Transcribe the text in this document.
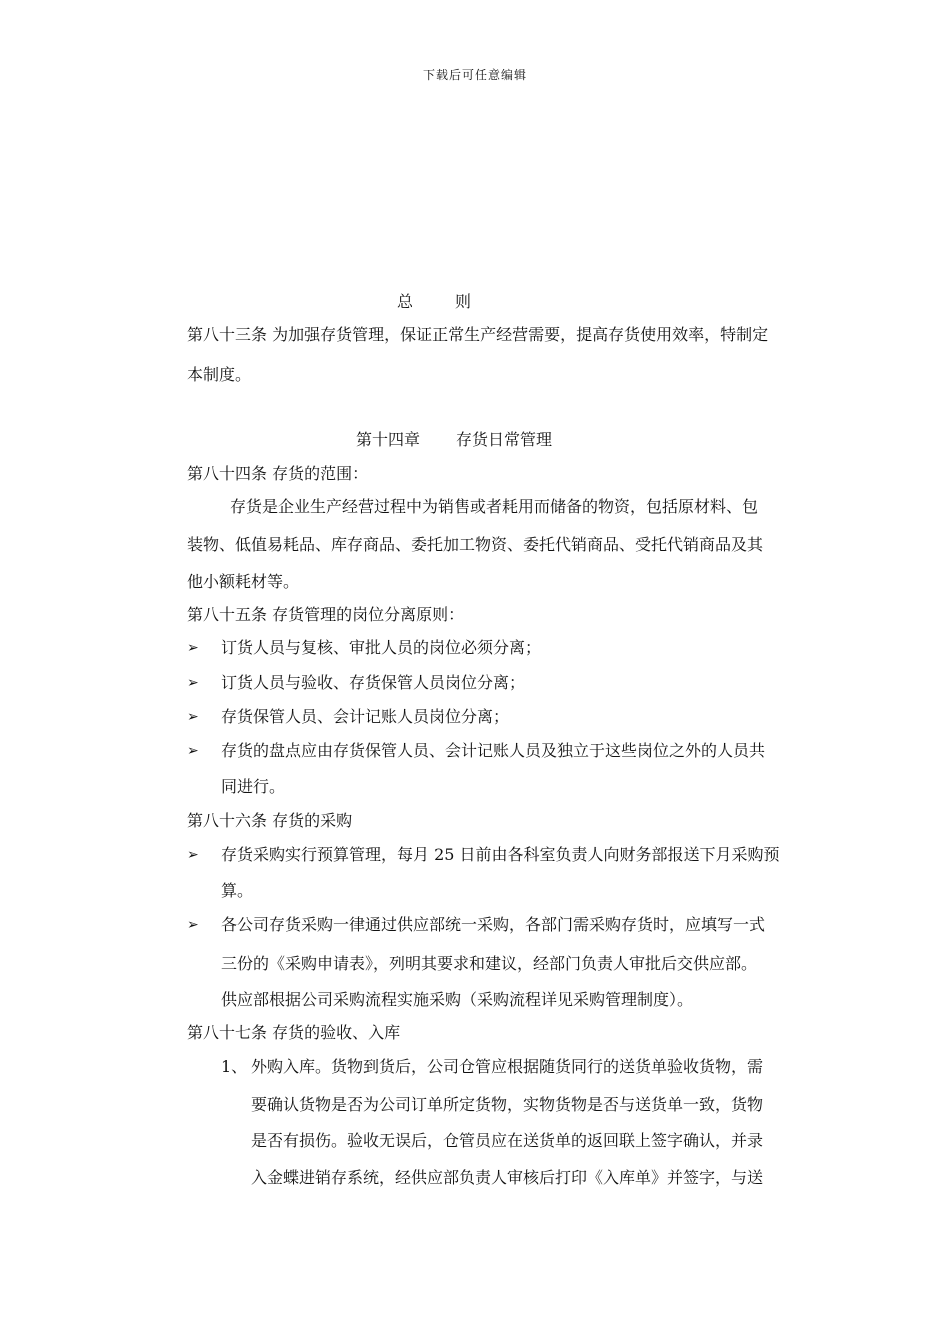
下载后可任意编辑
总	则
第八十三条 为加强存货管理，保证正常生产经营需要，提高存货使用效率，特制定
本制度。
第十四章 存货日常管理
第八十四条 存货的范围：
存货是企业生产经营过程中为销售或者耗用而储备的物资，包括原材料、包
装物、低值易耗品、库存商品、委托加工物资、委托代销商品、受托代销商品及其
他小额耗材等。
第八十五条 存货管理的岗位分离原则：
➢ 订货人员与复核、审批人员的岗位必须分离；
➢ 订货人员与验收、存货保管人员岗位分离；
➢ 存货保管人员、会计记账人员岗位分离；
➢ 存货的盘点应由存货保管人员、会计记账人员及独立于这些岗位之外的人员共
同进行。
第八十六条 存货的采购
➢ 存货采购实行预算管理，每月 25 日前由各科室负责人向财务部报送下月采购预
算。
➢ 各公司存货采购一律通过供应部统一采购，各部门需采购存货时，应填写一式
三份的《采购申请表》，列明其要求和建议，经部门负责人审批后交供应部。
供应部根据公司采购流程实施采购（采购流程详见采购管理制度）。
第八十七条 存货的验收、入库
1、 外购入库。货物到货后，公司仓管应根据随货同行的送货单验收货物，需
要确认货物是否为公司订单所定货物，实物货物是否与送货单一致，货物
是否有损伤。验收无误后，仓管员应在送货单的返回联上签字确认，并录
入金蝶进销存系统，经供应部负责人审核后打印《入库单》并签字，与送
